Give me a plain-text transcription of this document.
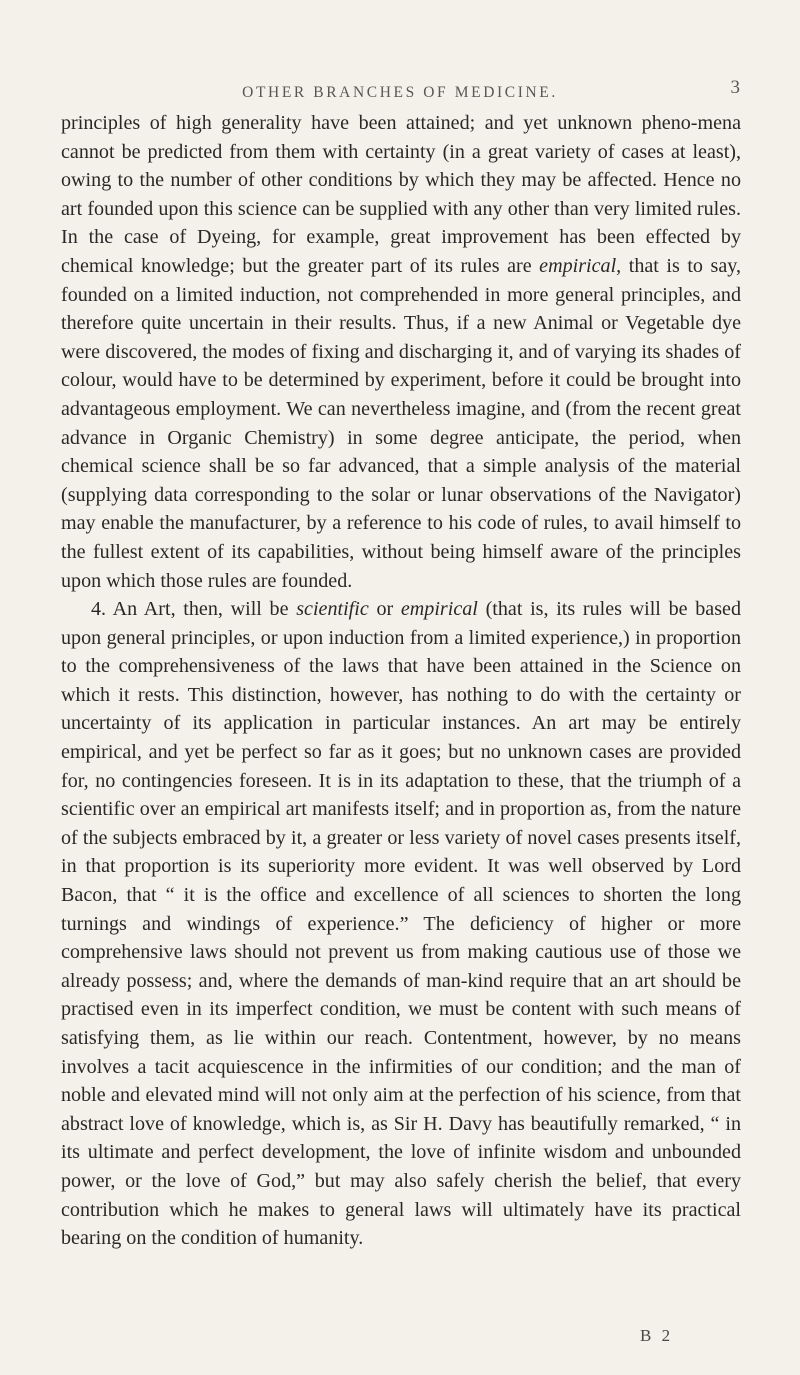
OTHER BRANCHES OF MEDICINE.	3

principles of high generality have been attained; and yet unknown pheno-mena cannot be predicted from them with certainty (in a great variety of cases at least), owing to the number of other conditions by which they may be affected. Hence no art founded upon this science can be supplied with any other than very limited rules. In the case of Dyeing, for example, great improvement has been effected by chemical knowledge; but the greater part of its rules are empirical, that is to say, founded on a limited induction, not comprehended in more general principles, and therefore quite uncertain in their results. Thus, if a new Animal or Vegetable dye were discovered, the modes of fixing and discharging it, and of varying its shades of colour, would have to be determined by experiment, before it could be brought into advantageous employment. We can nevertheless imagine, and (from the recent great advance in Organic Chemistry) in some degree anticipate, the period, when chemical science shall be so far advanced, that a simple analysis of the material (supplying data corresponding to the solar or lunar observations of the Navigator) may enable the manufacturer, by a reference to his code of rules, to avail himself to the fullest extent of its capabilities, without being himself aware of the principles upon which those rules are founded.

4. An Art, then, will be scientific or empirical (that is, its rules will be based upon general principles, or upon induction from a limited experience,) in proportion to the comprehensiveness of the laws that have been attained in the Science on which it rests. This distinction, however, has nothing to do with the certainty or uncertainty of its application in particular instances. An art may be entirely empirical, and yet be perfect so far as it goes; but no unknown cases are provided for, no contingencies foreseen. It is in its adaptation to these, that the triumph of a scientific over an empirical art manifests itself; and in proportion as, from the nature of the subjects embraced by it, a greater or less variety of novel cases presents itself, in that proportion is its superiority more evident. It was well observed by Lord Bacon, that “ it is the office and excellence of all sciences to shorten the long turnings and windings of experience.” The deficiency of higher or more comprehensive laws should not prevent us from making cautious use of those we already possess; and, where the demands of man-kind require that an art should be practised even in its imperfect condition, we must be content with such means of satisfying them, as lie within our reach. Contentment, however, by no means involves a tacit acquiescence in the infirmities of our condition; and the man of noble and elevated mind will not only aim at the perfection of his science, from that abstract love of knowledge, which is, as Sir H. Davy has beautifully remarked, “ in its ultimate and perfect development, the love of infinite wisdom and unbounded power, or the love of God,” but may also safely cherish the belief, that every contribution which he makes to general laws will ultimately have its practical bearing on the condition of humanity.

B 2
